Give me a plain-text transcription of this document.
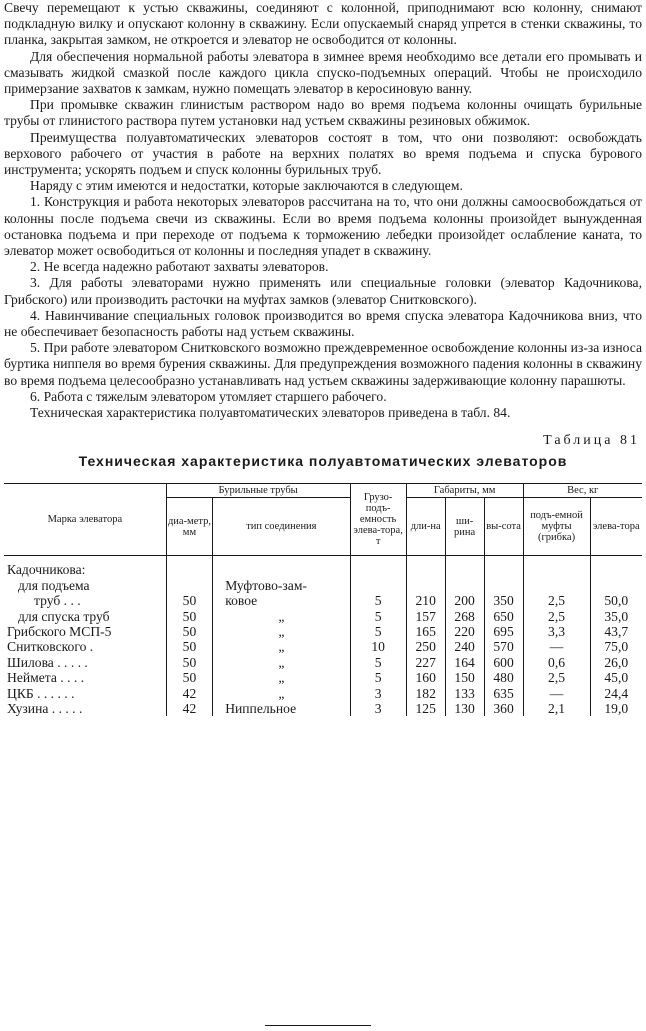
Свечу перемещают к устью скважины, соединяют с колонной, приподнимают всю колонну, снимают подкладную вилку и опускают колонну в скважину. Если опускаемый снаряд упрется в стенки скважины, то планка, закрытая замком, не откроется и элеватор не освободится от колонны.

Для обеспечения нормальной работы элеватора в зимнее время необходимо все детали его промывать и смазывать жидкой смазкой после каждого цикла спуско-подъемных операций. Чтобы не происходило примерзание захватов к замкам, нужно помещать элеватор в керосиновую ванну.

При промывке скважин глинистым раствором надо во время подъема колонны очищать бурильные трубы от глинистого раствора путем установки над устьем скважины резиновых обжимок.

Преимущества полуавтоматических элеваторов состоят в том, что они позволяют: освобождать верхового рабочего от участия в работе на верхних полатях во время подъема и спуска бурового инструмента; ускорять подъем и спуск колонны бурильных труб.

Наряду с этим имеются и недостатки, которые заключаются в следующем.

1. Конструкция и работа некоторых элеваторов рассчитана на то, что они должны самоосвобождаться от колонны после подъема свечи из скважины. Если во время подъема колонны произойдет вынужденная остановка подъема и при переходе от подъема к торможению лебедки произойдет ослабление каната, то элеватор может освободиться от колонны и последняя упадет в скважину.

2. Не всегда надежно работают захваты элеваторов.

3. Для работы элеваторами нужно применять или специальные головки (элеватор Кадочникова, Грибского) или производить расточки на муфтах замков (элеватор Снитковского).

4. Навинчивание специальных головок производится во время спуска элеватора Кадочникова вниз, что не обеспечивает безопасность работы над устьем скважины.

5. При работе элеватором Снитковского возможно преждевременное освобождение колонны из-за износа буртика ниппеля во время бурения скважины. Для предупреждения возможного падения колонны в скважину во время подъема целесообразно устанавливать над устьем скважины задерживающие колонну парашюты.

6. Работа с тяжелым элеватором утомляет старшего рабочего.

Техническая характеристика полуавтоматических элеваторов приведена в табл. 84.

Таблица 81
Техническая характеристика полуавтоматических элеваторов
Марка элеватора	Бурильные трубы		Грузо-подъ-емность элева-тора, т	Габариты, мм			Вес, кг	
	диа-метр, мм	тип соединения		дли-на	ши-рина	вы-сота	подъ-емной муфты (грибка)	элева-тора

Кадочникова:								
для подъема		Муфтово-зам-						
труб . . .	50	ковое	5	210	200	350	2,5	50,0
для спуска труб	50	„	5	157	268	650	2,5	35,0
Грибского МСП-5	50	„	5	165	220	695	3,3	43,7
Снитковского .	50	„	10	250	240	570	—	75,0
Шилова . . . . .	50	„	5	227	164	600	0,6	26,0
Неймета . . . .	50	„	5	160	150	480	2,5	45,0
ЦКБ . . . . . .	42	„	3	182	133	635	—	24,4
Хузина . . . . .	42	Ниппельное	3	125	130	360	2,1	19,0
